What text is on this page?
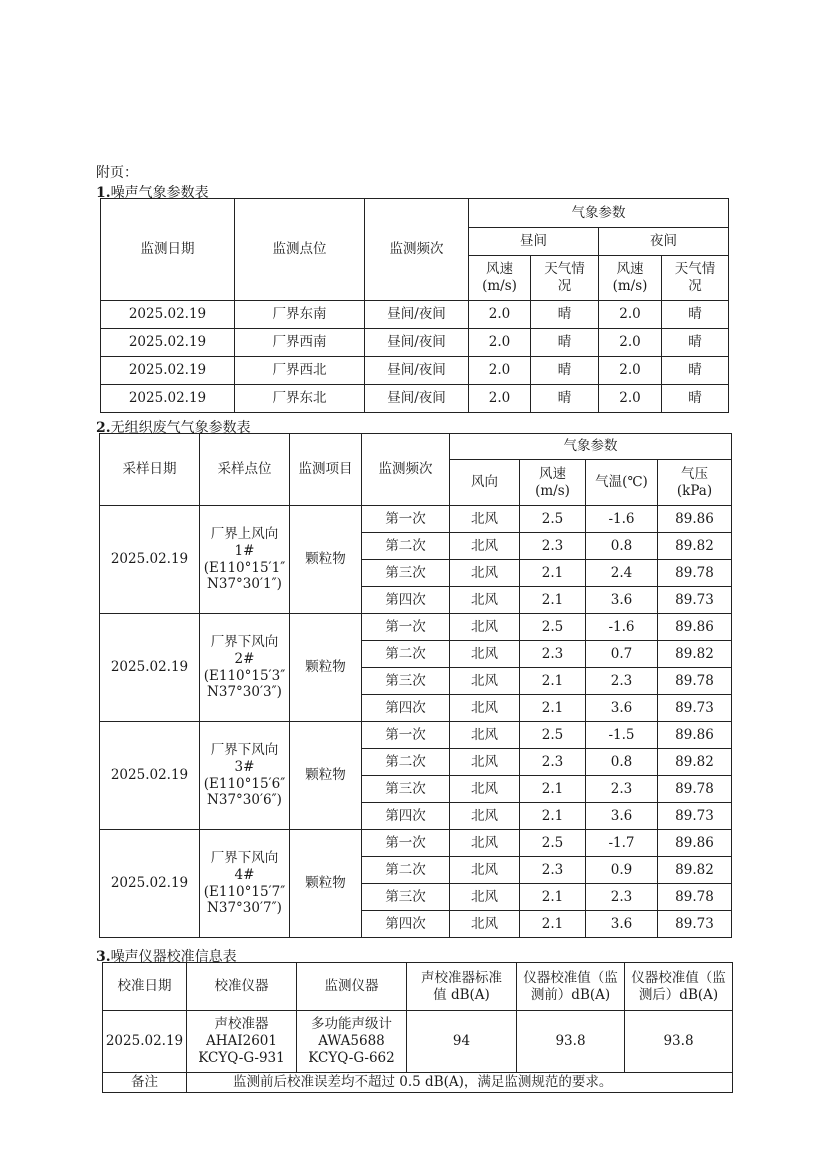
附页：
1.噪声气象参数表
监测日期	监测点位	监测频次	气象参数			
			昼间		夜间	

			风速
(m/s)	天气情
况	风速
(m/s)	天气情
况

2025.02.19	厂界东南	昼间/夜间	2.0	晴	2.0	晴
2025.02.19	厂界西南	昼间/夜间	2.0	晴	2.0	晴
2025.02.19	厂界西北	昼间/夜间	2.0	晴	2.0	晴
2025.02.19	厂界东北	昼间/夜间	2.0	晴	2.0	晴
2.无组织废气气象参数表
采样日期	采样点位	监测项目	监测频次	气象参数			
				风向	风速
(m/s)	气温(℃)	气压
(kPa)

2025.02.19	厂界上风向
1#
(E110°15′1″
N37°30′1″)	颗粒物	第一次	北风	2.5	-1.6	89.86
			第二次	北风	2.3	0.8	89.82
			第三次	北风	2.1	2.4	89.78
			第四次	北风	2.1	3.6	89.73
2025.02.19	厂界下风向
2#
(E110°15′3″
N37°30′3″)	颗粒物	第一次	北风	2.5	-1.6	89.86
			第二次	北风	2.3	0.7	89.82
			第三次	北风	2.1	2.3	89.78
			第四次	北风	2.1	3.6	89.73
2025.02.19	厂界下风向
3#
(E110°15′6″
N37°30′6″)	颗粒物	第一次	北风	2.5	-1.5	89.86
			第二次	北风	2.3	0.8	89.82
			第三次	北风	2.1	2.3	89.78
			第四次	北风	2.1	3.6	89.73
2025.02.19	厂界下风向
4#
(E110°15′7″
N37°30′7″)	颗粒物	第一次	北风	2.5	-1.7	89.86
			第二次	北风	2.3	0.9	89.82
			第三次	北风	2.1	2.3	89.78
			第四次	北风	2.1	3.6	89.73
3.噪声仪器校准信息表
校准日期	校准仪器	监测仪器	声校准器标准
值 dB(A)	仪器校准值（监
测前）dB(A)	仪器校准值（监
测后）dB(A)

2025.02.19	声校准器
AHAI2601
KCYQ-G-931	多功能声级计
AWA5688
KCYQ-G-662	94	93.8	93.8
备注	监测前后校准误差均不超过 0.5 dB(A)，满足监测规范的要求。				
